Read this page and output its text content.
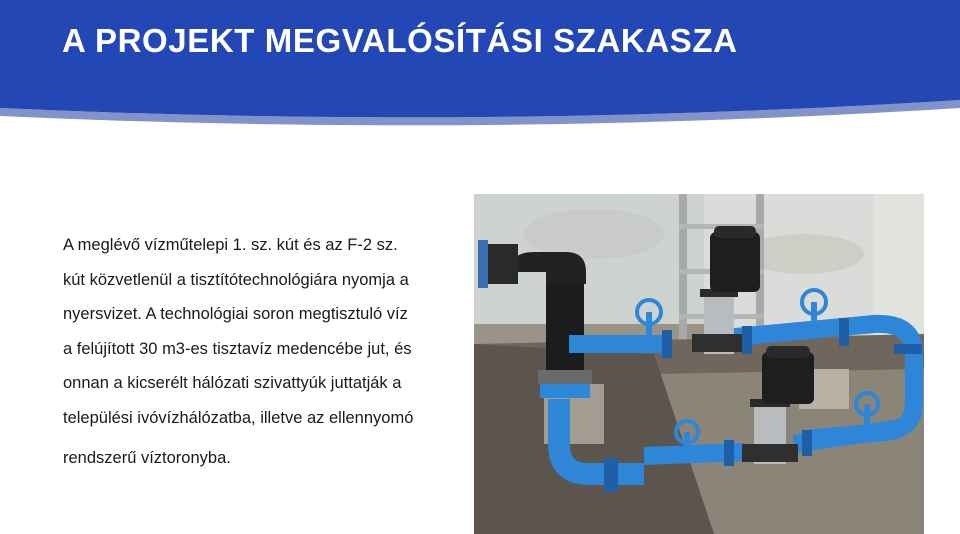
A PROJEKT MEGVALÓSÍTÁSI SZAKASZA

A meglévő vízműtelepi 1. sz. kút és az F-2 sz.
kút közvetlenül a tisztítótechnológiára nyomja a
nyersvizet. A technológiai soron megtisztuló víz
a felújított 30 m3-es tisztavíz medencébe jut, és
onnan a kicserélt hálózati szivattyúk juttatják a
települési ivóvízhálózatba, illetve az ellennyomó
rendszerű víztoronyba.
